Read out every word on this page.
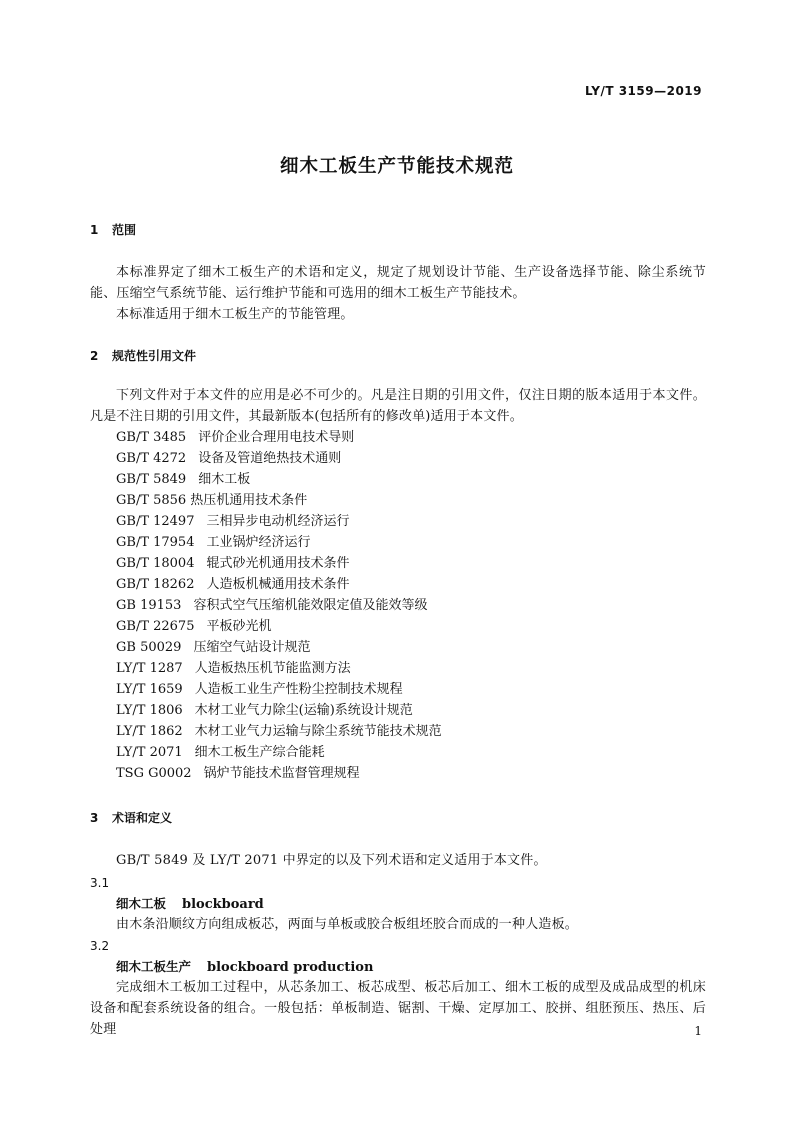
LY/T 3159—2019
细木工板生产节能技术规范
1 范围
本标准界定了细木工板生产的术语和定义，规定了规划设计节能、生产设备选择节能、除尘系统节能、压缩空气系统节能、运行维护节能和可选用的细木工板生产节能技术。
本标准适用于细木工板生产的节能管理。
2 规范性引用文件
下列文件对于本文件的应用是必不可少的。凡是注日期的引用文件，仅注日期的版本适用于本文件。凡是不注日期的引用文件，其最新版本(包括所有的修改单)适用于本文件。
GB/T 3485 评价企业合理用电技术导则
GB/T 4272 设备及管道绝热技术通则
GB/T 5849 细木工板
GB/T 5856 热压机通用技术条件
GB/T 12497 三相异步电动机经济运行
GB/T 17954 工业锅炉经济运行
GB/T 18004 辊式砂光机通用技术条件
GB/T 18262 人造板机械通用技术条件
GB 19153 容积式空气压缩机能效限定值及能效等级
GB/T 22675 平板砂光机
GB 50029 压缩空气站设计规范
LY/T 1287 人造板热压机节能监测方法
LY/T 1659 人造板工业生产性粉尘控制技术规程
LY/T 1806 木材工业气力除尘(运输)系统设计规范
LY/T 1862 木材工业气力运输与除尘系统节能技术规范
LY/T 2071 细木工板生产综合能耗
TSG G0002 锅炉节能技术监督管理规程
3 术语和定义
GB/T 5849 及 LY/T 2071 中界定的以及下列术语和定义适用于本文件。
3.1
细木工板 blockboard
由木条沿顺纹方向组成板芯，两面与单板或胶合板组坯胶合而成的一种人造板。
3.2
细木工板生产 blockboard production
完成细木工板加工过程中，从芯条加工、板芯成型、板芯后加工、细木工板的成型及成品成型的机床设备和配套系统设备的组合。一般包括：单板制造、锯割、干燥、定厚加工、胶拼、组胚预压、热压、后处理	1
